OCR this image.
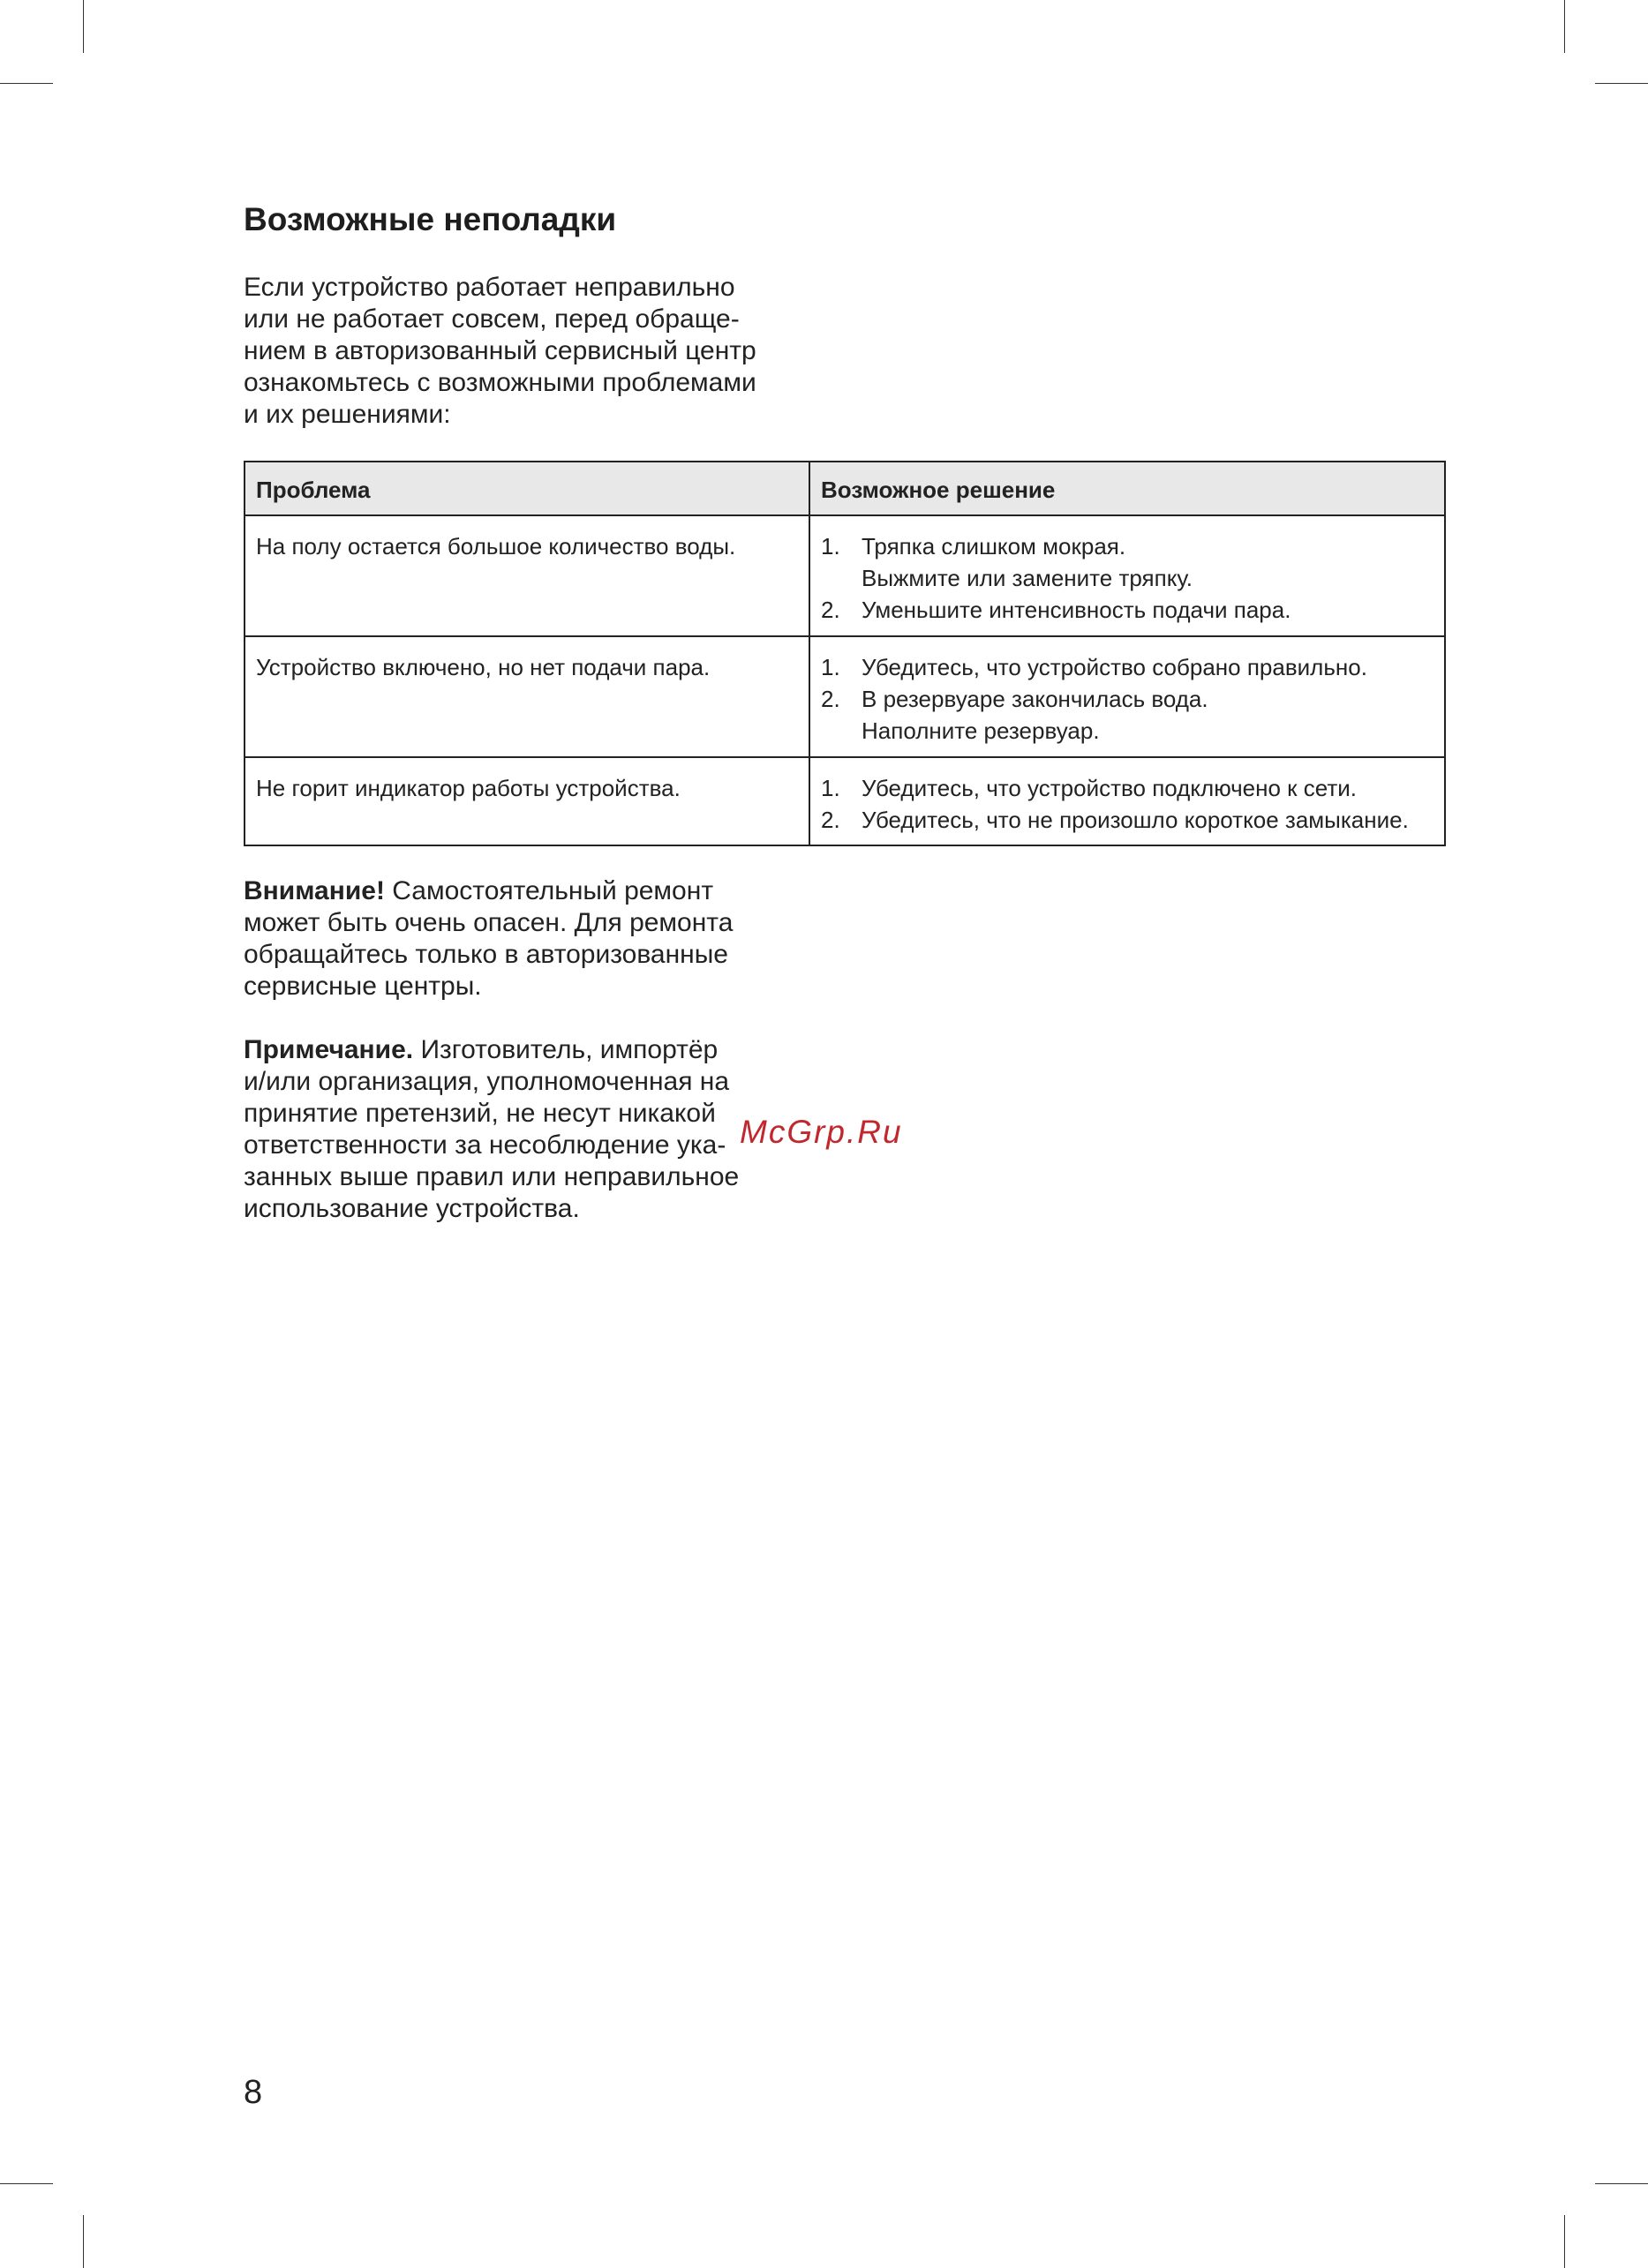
Возможные неполадки

Если устройство работает неправильно
или не работает совсем, перед обраще-
нием в авторизованный сервисный центр
ознакомьтесь с возможными проблемами
и их решениями:

Проблема	Возможное решение
На полу остается большое количество воды.	1. Тряпка слишком мокрая.
Выжмите или замените тряпку.
2. Уменьшите интенсивность подачи пара.

Устройство включено, но нет подачи пара.	1. Убедитесь, что устройство собрано правильно.
2. В резервуаре закончилась вода.
Наполните резервуар.

Не горит индикатор работы устройства.	1. Убедитесь, что устройство подключено к сети.
2. Убедитесь, что не произошло короткое замыкание.

Внимание! Самостоятельный ремонт
может быть очень опасен. Для ремонта
обращайтесь только в авторизованные
сервисные центры.

Примечание. Изготовитель, импортёр
и/или организация, уполномоченная на
принятие претензий, не несут никакой
ответственности за несоблюдение ука-
занных выше правил или неправильное
использование устройства.

McGrp.Ru
8
